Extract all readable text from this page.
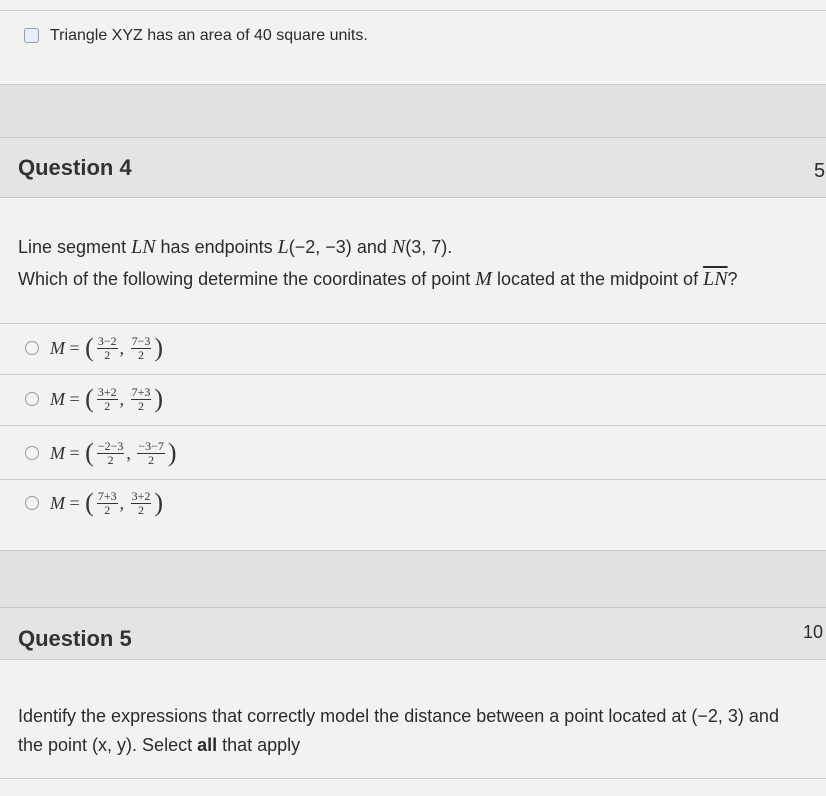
Triangle XYZ has an area of 40 square units.
Question 4	5
Line segment LN has endpoints L(−2, −3) and N(3, 7).
Which of the following determine the coordinates of point M located at the midpoint of $\overline{LN}$?
M
=
( $\frac{3-2}{2}$ , $\frac{7-3}{2}$ )
M
=
( $\frac{3+2}{2}$ , $\frac{7+3}{2}$ )
M
=
( $\frac{-2-3}{2}$ , $\frac{-3-7}{2}$ )
M
=
( $\frac{7+3}{2}$ , $\frac{3+2}{2}$ )
Question 5	10
Identify the expressions that correctly model the distance between a point located at (−2, 3) and
the point (x, y). Select all that apply
